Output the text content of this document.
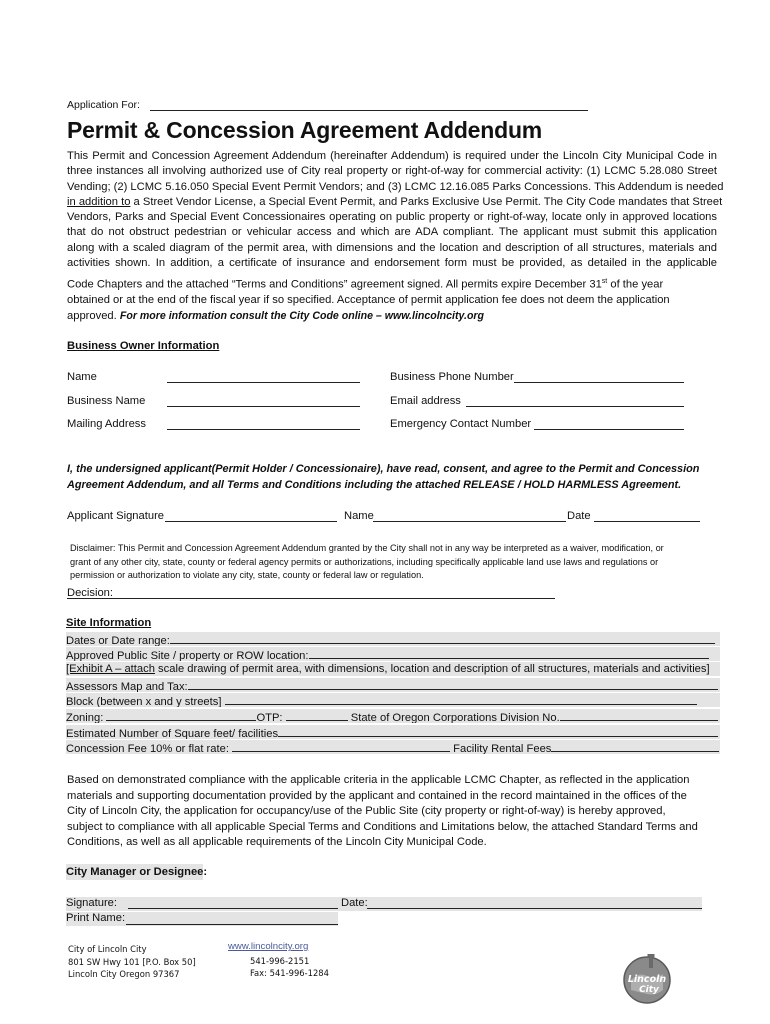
Application For:
Permit & Concession Agreement Addendum
This Permit and Concession Agreement Addendum (hereinafter Addendum) is required under the Lincoln City Municipal Code in
three instances all involving authorized use of City real property or right-of-way for commercial activity: (1) LCMC 5.28.080 Street
Vending; (2) LCMC 5.16.050 Special Event Permit Vendors; and (3) LCMC 12.16.085 Parks Concessions. This Addendum is needed
in addition to a Street Vendor License, a Special Event Permit, and Parks Exclusive Use Permit. The City Code mandates that Street
Vendors, Parks and Special Event Concessionaires operating on public property or right-of-way, locate only in approved locations
that do not obstruct pedestrian or vehicular access and which are ADA compliant. The applicant must submit this application
along with a scaled diagram of the permit area, with dimensions and the location and description of all structures, materials and
activities shown. In addition, a certificate of insurance and endorsement form must be provided, as detailed in the applicable
Code Chapters and the attached “Terms and Conditions” agreement signed. All permits expire December 31st of the year
obtained or at the end of the fiscal year if so specified. Acceptance of permit application fee does not deem the application
approved. For more information consult the City Code online – www.lincolncity.org
Business Owner Information
Name
Business Name
Mailing Address
Business Phone Number
Email address
Emergency Contact Number
I, the undersigned applicant(Permit Holder / Concessionaire), have read, consent, and agree to the Permit and Concession
Agreement Addendum, and all Terms and Conditions including the attached RELEASE / HOLD HARMLESS Agreement.
Applicant Signature	Name	Date
Disclaimer: This Permit and Concession Agreement Addendum granted by the City shall not in any way be interpreted as a waiver, modification, or
grant of any other city, state, county or federal agency permits or authorizations, including specifically applicable land use laws and regulations or
permission or authorization to violate any city, state, county or federal law or regulation.
Decision:
Site Information
Dates or Date range:
Approved Public Site / property or ROW location:
[Exhibit A – attach scale drawing of permit area, with dimensions, location and description of all structures, materials and activities]
Assessors Map and Tax:
Block (between x and y streets]
Zoning:	OTP:	State of Oregon Corporations Division No.
Estimated Number of Square feet/ facilities
Concession Fee 10% or flat rate:	Facility Rental Fees
Based on demonstrated compliance with the applicable criteria in the applicable LCMC Chapter, as reflected in the application
materials and supporting documentation provided by the applicant and contained in the record maintained in the offices of the
City of Lincoln City, the application for occupancy/use of the Public Site (city property or right-of-way) is hereby approved,
subject to compliance with all applicable Special Terms and Conditions and Limitations below, the attached Standard Terms and
Conditions, as well as all applicable requirements of the Lincoln City Municipal Code.
City Manager or Designee:
Signature:	Date:
Print Name:
City of Lincoln City
801 SW Hwy 101 [P.O. Box 50]
Lincoln City Oregon 97367
www.lincolncity.org
541-996-2151
Fax: 541-996-1284
Lincoln
City
